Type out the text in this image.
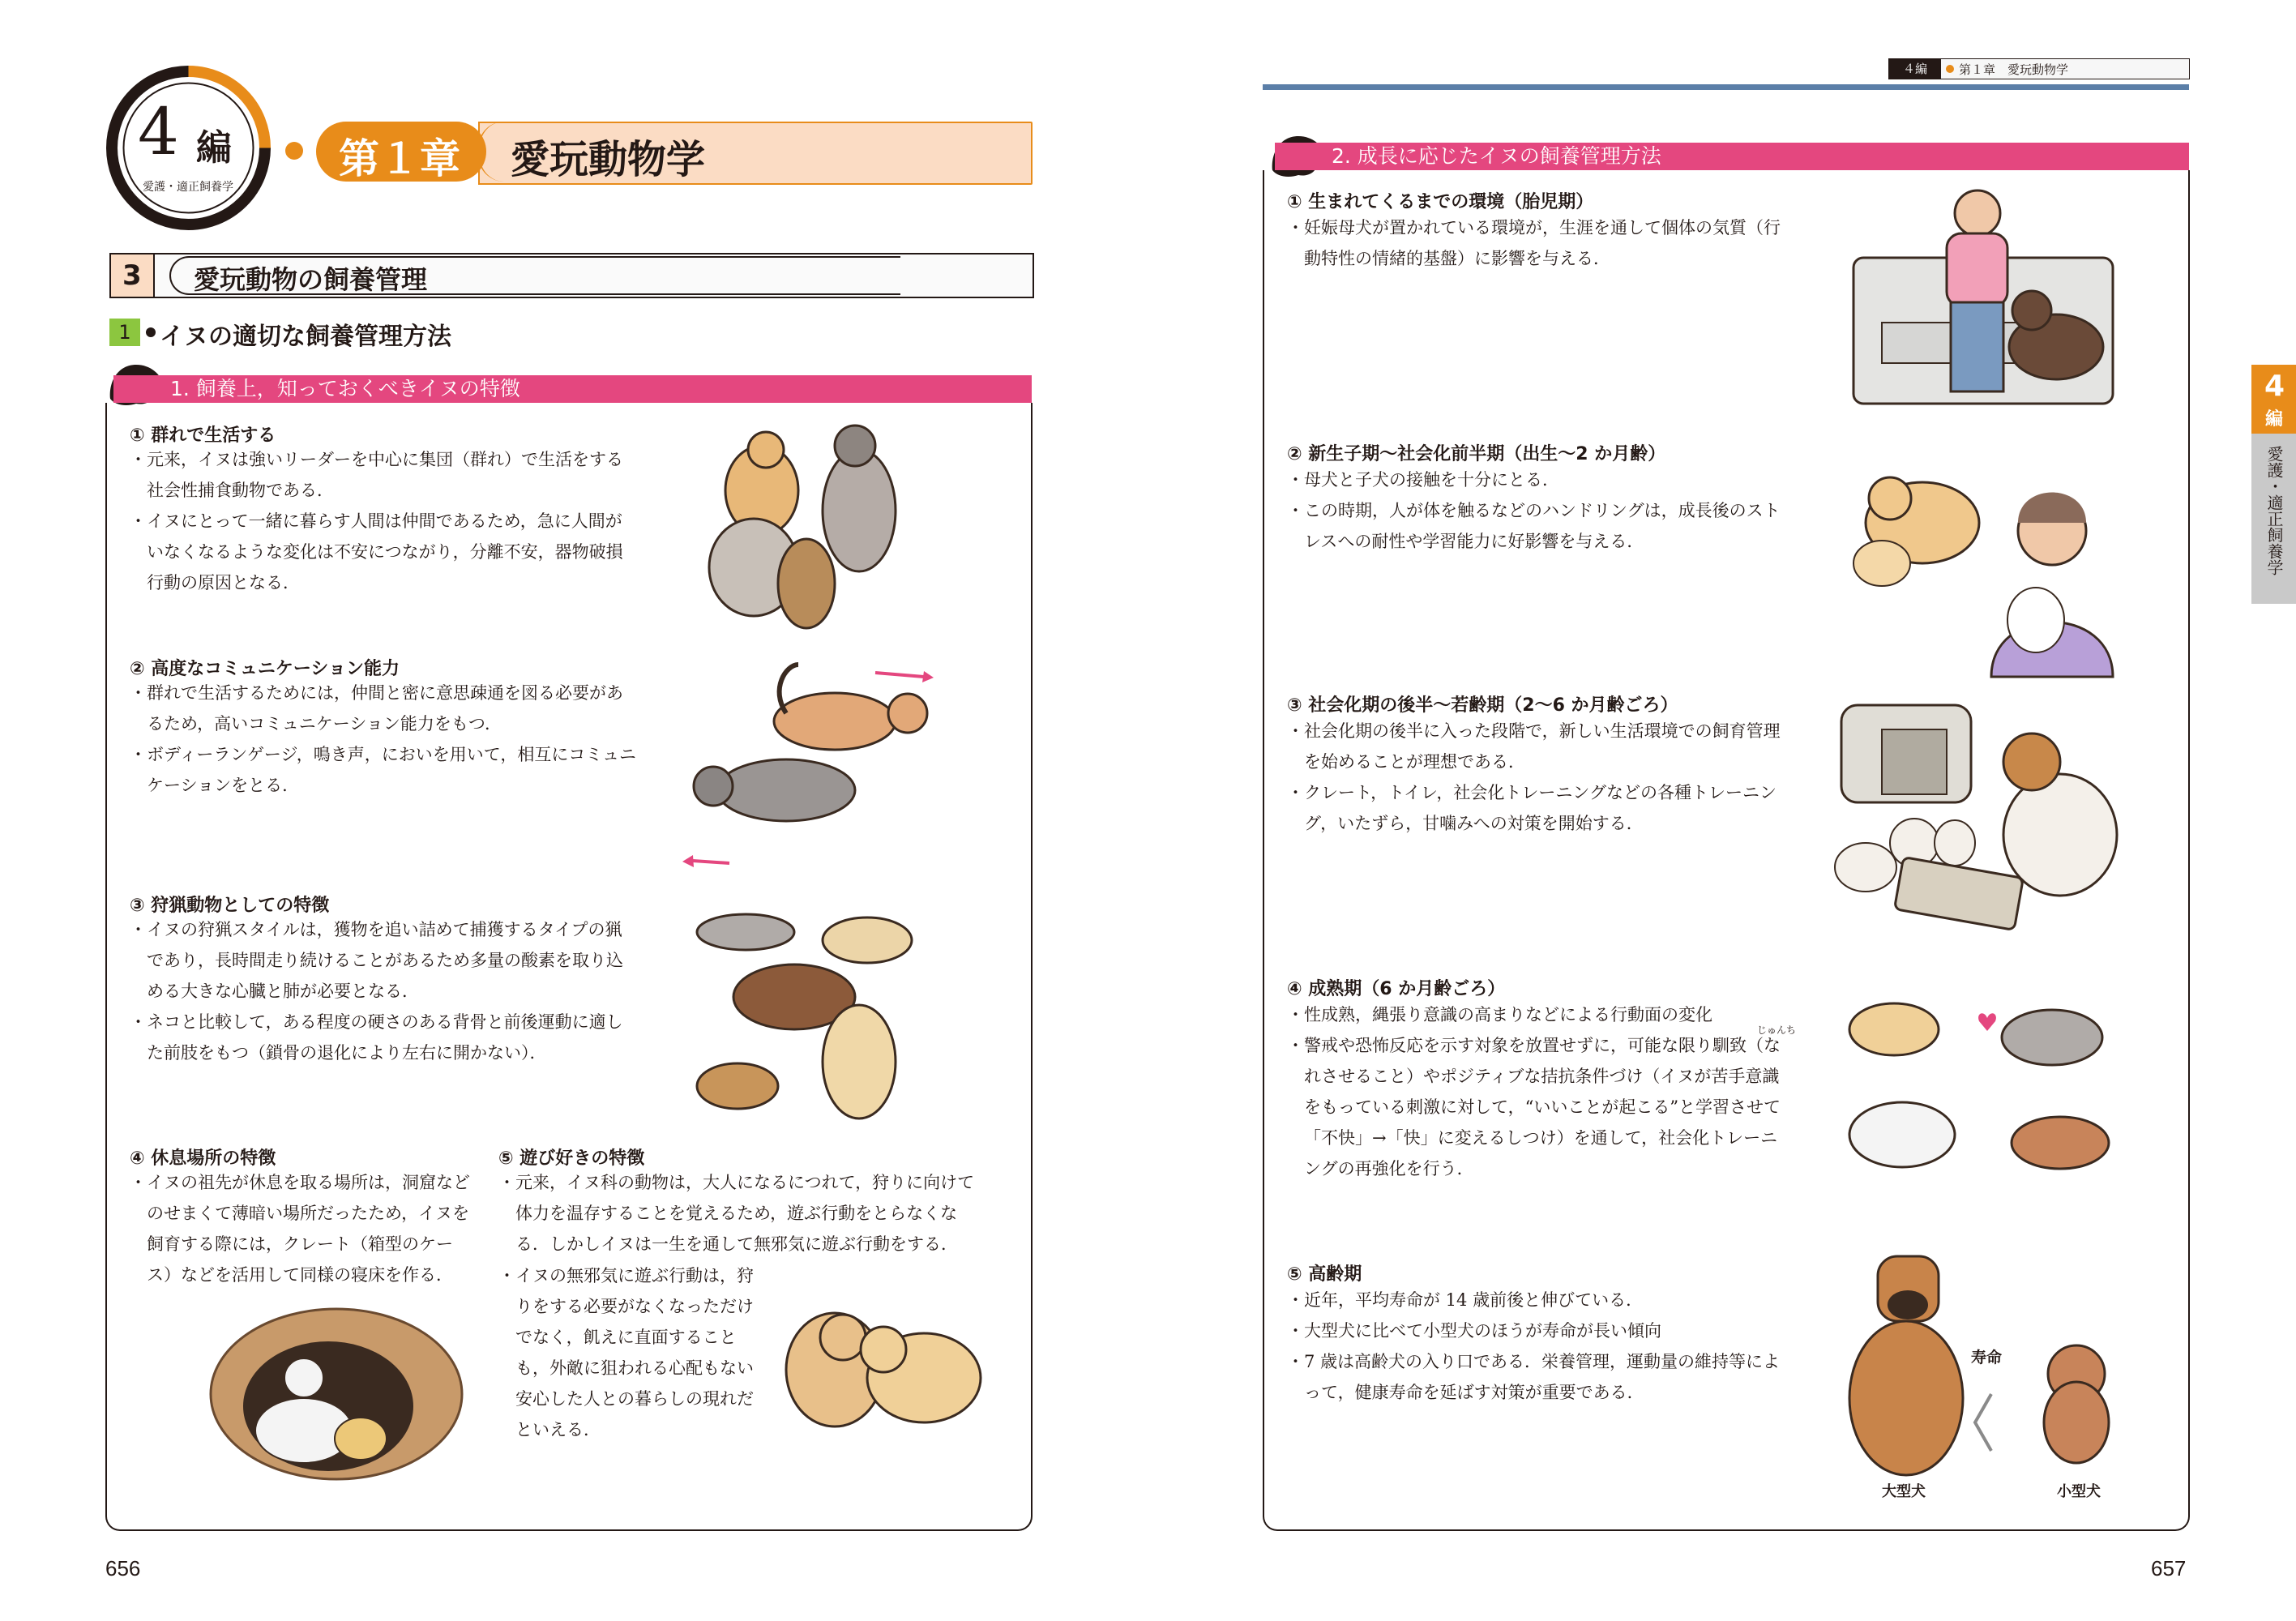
4 編
愛護・適正飼養学
第１章 愛玩動物学
3 愛玩動物の飼養管理
1	イヌの適切な飼養管理方法
1. 飼養上，知っておくべきイヌの特徴
① 群れで生活する

・元来，イヌは強いリーダーを中心に集団（群れ）で生活をする社会性捕食動物である．

・イヌにとって一緒に暮らす人間は仲間であるため，急に人間がいなくなるような変化は不安につながり，分離不安，器物破損行動の原因となる．

② 高度なコミュニケーション能力

・群れで生活するためには，仲間と密に意思疎通を図る必要があるため，高いコミュニケーション能力をもつ．

・ボディーランゲージ，鳴き声，においを用いて，相互にコミュニケーションをとる．

③ 狩猟動物としての特徴

・イヌの狩猟スタイルは，獲物を追い詰めて捕獲するタイプの猟であり，長時間走り続けることがあるため多量の酸素を取り込める大きな心臓と肺が必要となる．

・ネコと比較して，ある程度の硬さのある背骨と前後運動に適した前肢をもつ（鎖骨の退化により左右に開かない）．

④ 休息場所の特徴

・イヌの祖先が休息を取る場所は，洞窟などのせまくて薄暗い場所だったため，イヌを飼育する際には，クレート（箱型のケース）などを活用して同様の寝床を作る．

⑤ 遊び好きの特徴

・元来，イヌ科の動物は，大人になるにつれて，狩りに向けて体力を温存することを覚えるため，遊ぶ行動をとらなくなる．しかしイヌは一生を通して無邪気に遊ぶ行動をする．

・イヌの無邪気に遊ぶ行動は，狩りをする必要がなくなっただけでなく，飢えに直面することも，外敵に狙われる心配もない安心した人との暮らしの現れだといえる．

656
４編	第１章　愛玩動物学
2. 成長に応じたイヌの飼養管理方法
① 生まれてくるまでの環境（胎児期）

・妊娠母犬が置かれている環境が，生涯を通して個体の気質（行動特性の情緒的基盤）に影響を与える．

② 新生子期～社会化前半期（出生～2 か月齢）

・母犬と子犬の接触を十分にとる．

・この時期，人が体を触るなどのハンドリングは，成長後のストレスへの耐性や学習能力に好影響を与える．

③ 社会化期の後半～若齢期（2～6 か月齢ごろ）

・社会化期の後半に入った段階で，新しい生活環境での飼育管理を始めることが理想である．

・クレート，トイレ，社会化トレーニングなどの各種トレーニング，いたずら，甘噛みへの対策を開始する．

④ 成熟期（6 か月齢ごろ）

・性成熟，縄張り意識の高まりなどによる行動面の変化

・警戒や恐怖反応を示す対象を放置せずに，可能な限り馴致（なれさせること）やポジティブな拮抗条件づけ（イヌが苦手意識をもっている刺激に対して，“いいことが起こる”と学習させて「不快」→「快」に変えるしつけ）を通して，社会化トレーニングの再強化を行う．

じゅんち
⑤ 高齢期

・近年，平均寿命が 14 歳前後と伸びている．

・大型犬に比べて小型犬のほうが寿命が長い傾向

・7 歳は高齢犬の入り口である．栄養管理，運動量の維持等によって，健康寿命を延ばす対策が重要である．

寿命
大型犬	小型犬
4
編
愛護・適正飼養学
657
